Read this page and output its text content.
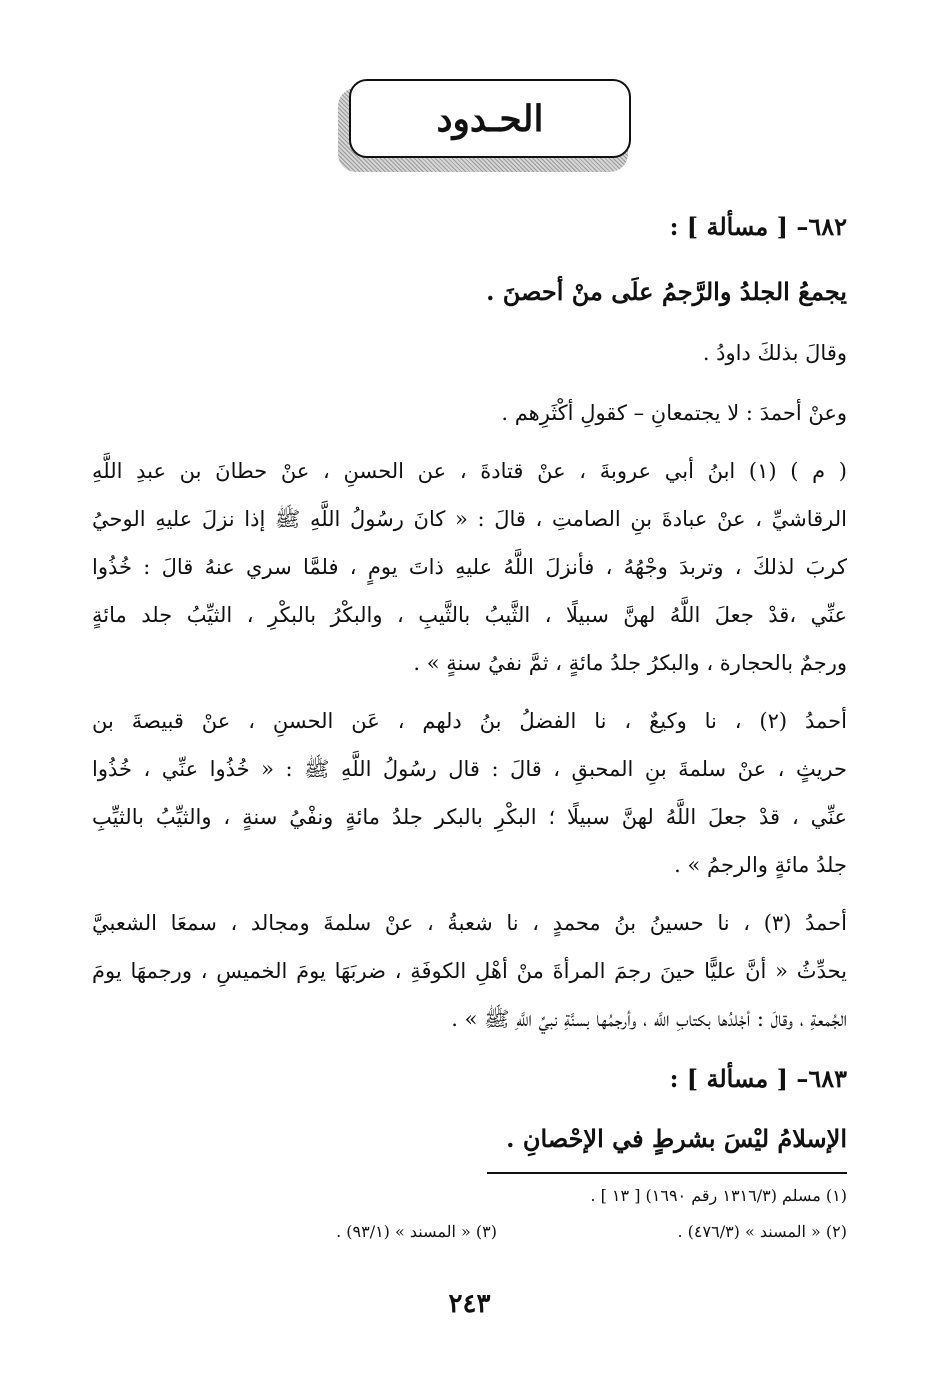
الحـدود
٦٨٢– [ مسألة ] :
يجمعُ الجلدُ والرَّجمُ علَى منْ أحصنَ .
وقالَ بذلكَ داودُ .
وعنْ أحمدَ : لا يجتمعانِ – كقولِ أكْثَرِهم .
( م ) (١) ابنُ أبي عروبةَ ، عنْ قتادةَ ، عن الحسنِ ، عنْ حطانَ بن عبدِ اللَّهِ
الرقاشيِّ ، عنْ عبادةَ بنِ الصامتِ ، قالَ : « كانَ رسُولُ اللَّهِ ﷺ إذا نزلَ عليهِ الوحيُ
كربَ لذلكَ ، وتربدَ وجْهُهُ ، فأنزلَ اللَّهُ عليهِ ذاتَ يومٍ ، فلمَّا سري عنهُ قالَ : خُذُوا
عنِّي ،قدْ جعلَ اللَّهُ لهنَّ سبيلًا ، الثَّيبُ بالثَّيبِ ، والبكْرُ بالبكْرِ ، الثيِّبُ جلد مائةٍ
ورجمٌ بالحجارة ، والبكرُ جلدُ مائةٍ ، ثمَّ نفيُ سنةٍ » .
أحمدُ (٢) ، نا وكيعٌ ، نا الفضلُ بنُ دلهم ، عَن الحسنِ ، عنْ قبيصةَ بن
حريثٍ ، عنْ سلمةَ بنِ المحبقِ ، قالَ : قال رسُولُ اللَّهِ ﷺ : « خُذُوا عنِّي ، خُذُوا
عنِّي ، قدْ جعلَ اللَّهُ لهنَّ سبيلًا ؛ البكْرِ بالبكر جلدُ مائةٍ ونفْيُ سنةٍ ، والثيِّبُ بالثيِّبِ
جلدُ مائةٍ والرجمُ » .
أحمدُ (٣) ، نا حسينُ بنُ محمدٍ ، نا شعبةُ ، عنْ سلمةَ ومجالد ، سمعَا الشعبيَّ
يحدِّثُ « أنَّ عليًّا حينَ رجمَ المرأةَ منْ أهْلِ الكوفَةِ ، ضربَهَا يومَ الخميسِ ، ورجمهَا يومَ
الجُمعةِ ، وقالَ : أجْلدُها بكتابِ اللَّه ، وأرجمُها بسنَّةِ نبيِّ اللَّهِ ﷺ » .
٦٨٣– [ مسألة ] :
الإسلامُ ليْسَ بشرطٍ في الإحْصانِ .
(١) مسلم (١٣١٦/٣ رقم ١٦٩٠) [ ١٣ ] .
(٢) « المسند » (٤٧٦/٣) .
(٣) « المسند » (٩٣/١) .
٢٤٣
